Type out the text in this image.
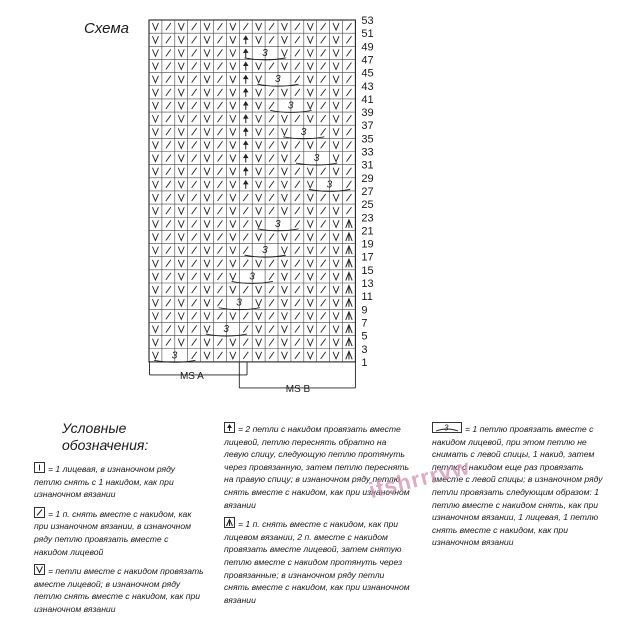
Схема
3
3
3
3
3
3
3
3
3
3
3
3
53
51
49
47
45
43
41
39
37
35
33
31
29
27
25
23
21
19
17
15
13
11
9
7
5
3
1
MS A
MS B
Условные
обозначения:
= 1 лицевая, в изнаночном ряду петлю снять с 1 накидом, как при изнаночном вязании
= 1 п. снять вместе с накидом, как при изнаночном вязании, в изнаночном ряду петлю провязать вместе с накидом лицевой
= петли вместе с накидом провязать вместе лицевой; в изнаночном ряду петлю снять вместе с накидом, как при изнаночном вязании
= 2 петли с накидом провязать вместе лицевой, петлю переснять обратно на левую спицу, следующую петлю протянуть через провязанную, затем петлю переснять на правую спицу; в изнаночном ряду петлю снять вместе с накидом, как при изнаночном вязании
= 1 п. снять вместе с накидом, как при лицевом вязании, 2 п. вместе с накидом провязать вместе лицевой, затем снятую петлю вместе с накидом протянуть через провязанные; в изнаночном ряду петли снять вместе с накидом, как при изнаночном вязании
3 = 1 петлю провязать вместе с накидом лицевой, при этом петлю не снимать с левой спицы, 1 накид, затем петлю с накидом еще раз провязать вместе с левой спицы; в изнаночном ряду петли провязать следующим образом: 1 петлю вместе с накидом снять, как при изнаночном вязании, 1 лицевая, 1 петлю снять вместе с накидом, как при изнаночном вязании
ifshrrrvw
